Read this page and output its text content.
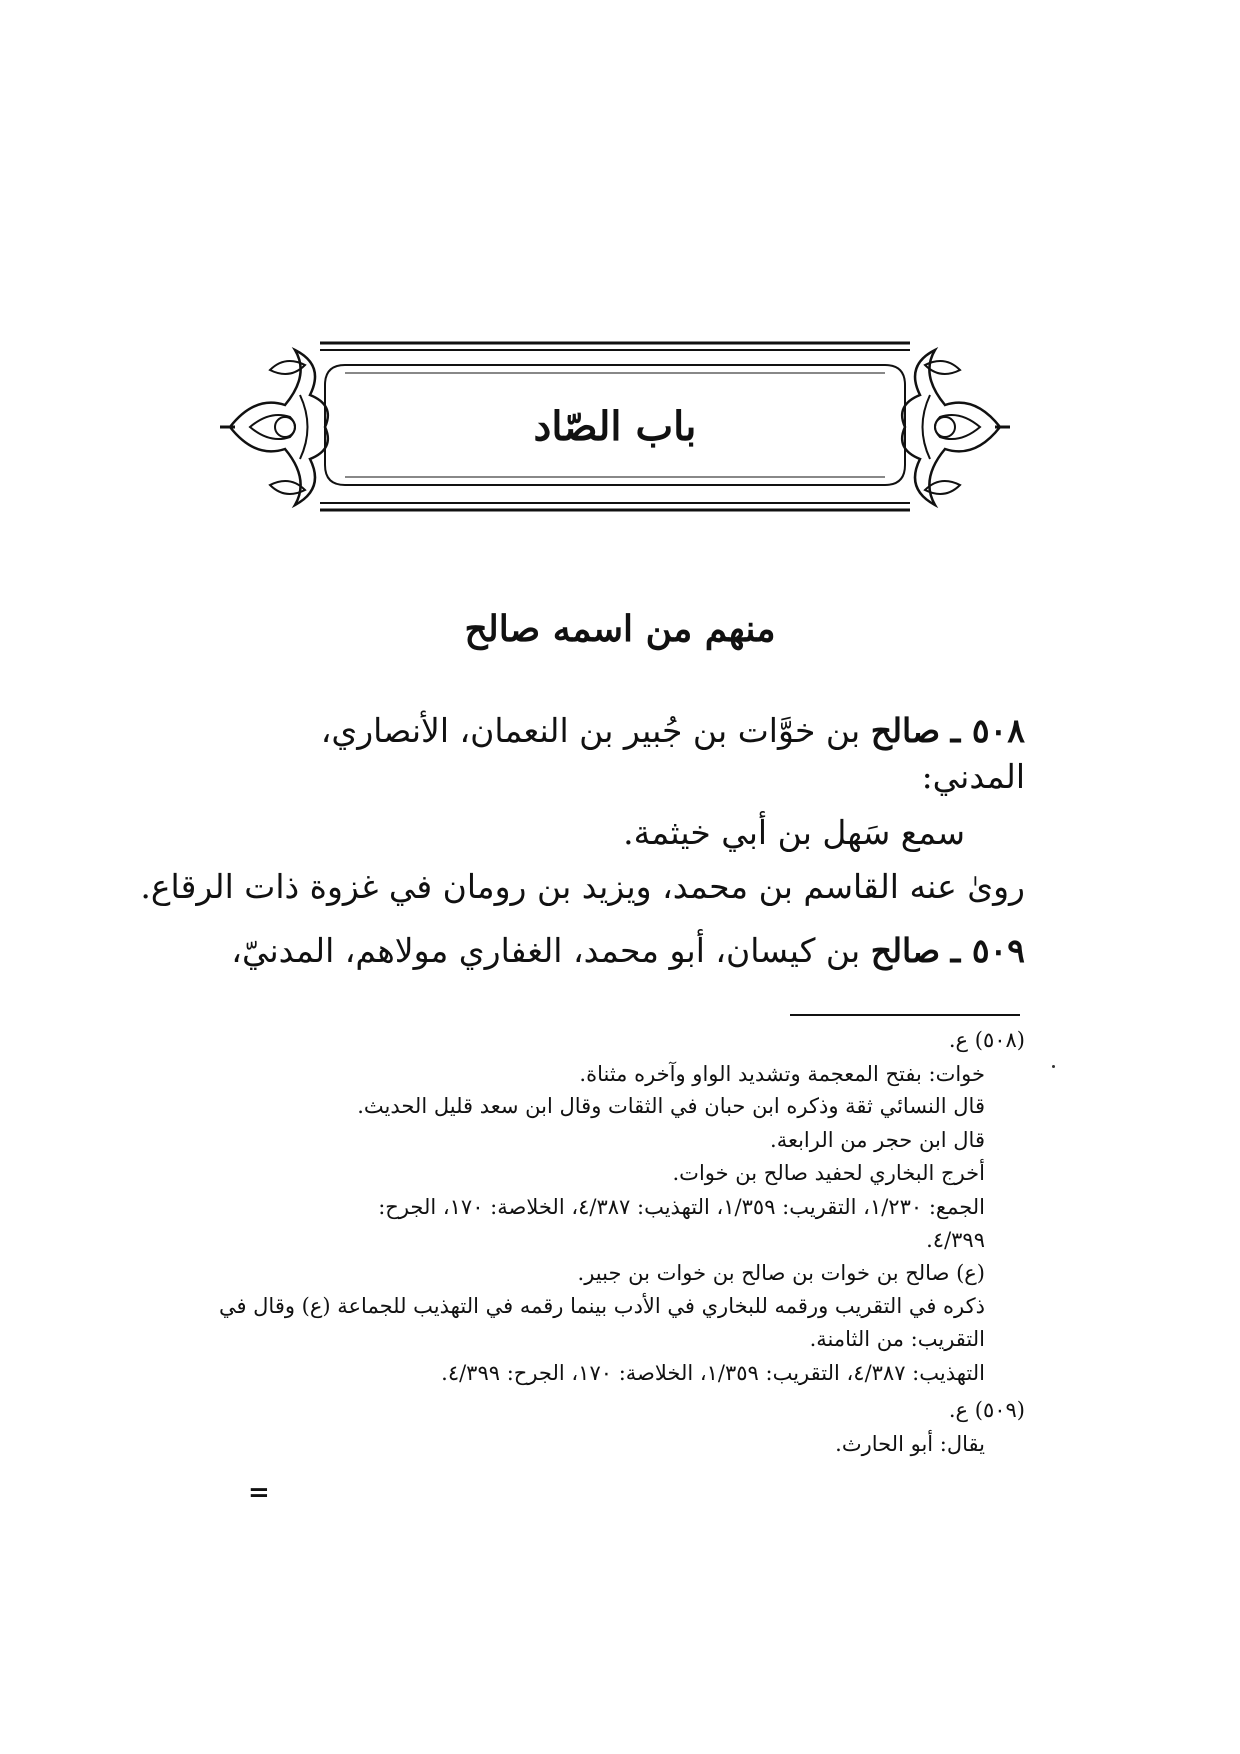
باب الصّاد
منهم من اسمه صالح
٥٠٨ ـ صالح بن خوَّات بن جُبير بن النعمان، الأنصاري،
المدني:
سمع سَهل بن أبي خيثمة.
روىٰ عنه القاسم بن محمد، ويزيد بن رومان في غزوة ذات الرقاع.
٥٠٩ ـ صالح بن كيسان، أبو محمد، الغفاري مولاهم، المدنيّ،
(٥٠٨) ع.
خوات: بفتح المعجمة وتشديد الواو وآخره مثناة.
قال النسائي ثقة وذكره ابن حبان في الثقات وقال ابن سعد قليل الحديث.
قال ابن حجر من الرابعة.
أخرج البخاري لحفيد صالح بن خوات.
الجمع: ١/٢٣٠، التقريب: ١/٣٥٩، التهذيب: ٤/٣٨٧، الخلاصة: ١٧٠، الجرح:
٤/٣٩٩.
(ع) صالح بن خوات بن صالح بن خوات بن جبير.
ذكره في التقريب ورقمه للبخاري في الأدب بينما رقمه في التهذيب للجماعة (ع) وقال في
التقريب: من الثامنة.
التهذيب: ٤/٣٨٧، التقريب: ١/٣٥٩، الخلاصة: ١٧٠، الجرح: ٤/٣٩٩.
(٥٠٩) ع.
يقال: أبو الحارث.
=
